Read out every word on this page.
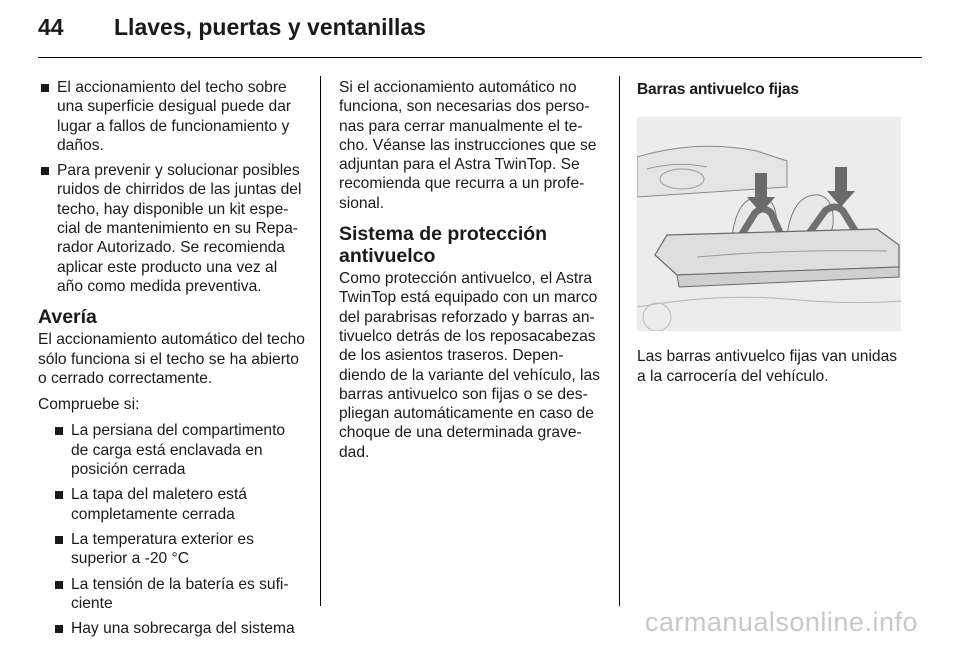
44	Llaves, puertas y ventanillas
El accionamiento del techo sobre una superficie desigual puede dar lugar a fallos de funcionamiento y daños.
Para prevenir y solucionar posibles ruidos de chirridos de las juntas del techo, hay disponible un kit especial de mantenimiento en su Reparador Autorizado. Se recomienda aplicar este producto una vez al año como medida preventiva.
Avería

El accionamiento automático del techo sólo funciona si el techo se ha abierto o cerrado correctamente.

Compruebe si:

La persiana del compartimento de carga está enclavada en posición cerrada
La tapa del maletero está completamente cerrada
La temperatura exterior es superior a -20 °C
La tensión de la batería es suficiente
Hay una sobrecarga del sistema

Si el accionamiento automático no funciona, son necesarias dos personas para cerrar manualmente el techo. Véanse las instrucciones que se adjuntan para el Astra TwinTop. Se recomienda que recurra a un profesional.

Sistema de protección antivuelco

Como protección antivuelco, el Astra TwinTop está equipado con un marco del parabrisas reforzado y barras antivuelco detrás de los reposacabezas de los asientos traseros. Dependiendo de la variante del vehículo, las barras antivuelco son fijas o se despliegan automáticamente en caso de choque de una determinada gravedad.

Barras antivuelco fijas

Las barras antivuelco fijas van unidas a la carrocería del vehículo.

carmanualsonline.info
